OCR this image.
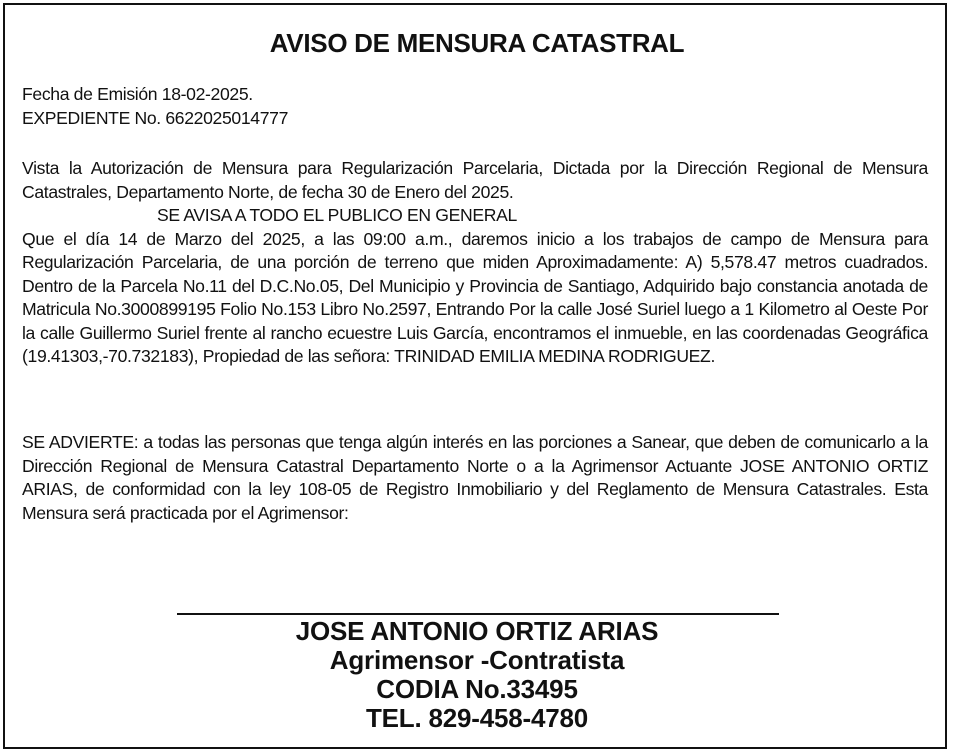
AVISO DE MENSURA CATASTRAL
Fecha de Emisión 18-02-2025.
EXPEDIENTE No. 6622025014777
Vista la Autorización de Mensura para Regularización Parcelaria, Dictada por la Dirección Regional de Mensura Catastrales, Departamento Norte, de fecha 30 de Enero del 2025.
SE AVISA A TODO EL PUBLICO EN GENERAL
Que el día 14 de Marzo del 2025, a las 09:00 a.m., daremos inicio a los trabajos de campo de Mensura para Regularización Parcelaria, de una porción de terreno que miden Aproximadamente: A) 5,578.47 metros cuadrados. Dentro de la Parcela No.11 del D.C.No.05, Del Municipio y Provincia de Santiago, Adquirido bajo constancia anotada de Matricula No.3000899195 Folio No.153 Libro No.2597, Entrando Por la calle José Suriel luego a 1 Kilometro al Oeste Por la calle Guillermo Suriel frente al rancho ecuestre Luis García, encontramos el inmueble, en las coordenadas Geográfica (19.41303,-70.732183), Propiedad de las señora: TRINIDAD EMILIA MEDINA RODRIGUEZ.
SE ADVIERTE: a todas las personas que tenga algún interés en las porciones a Sanear, que deben de comunicarlo a la Dirección Regional de Mensura Catastral Departamento Norte o a la Agrimensor Actuante JOSE ANTONIO ORTIZ ARIAS, de conformidad con la ley 108-05 de Registro Inmobiliario y del Reglamento de Mensura Catastrales. Esta Mensura será practicada por el Agrimensor:
JOSE ANTONIO ORTIZ ARIAS
Agrimensor -Contratista
CODIA No.33495
TEL. 829-458-4780
